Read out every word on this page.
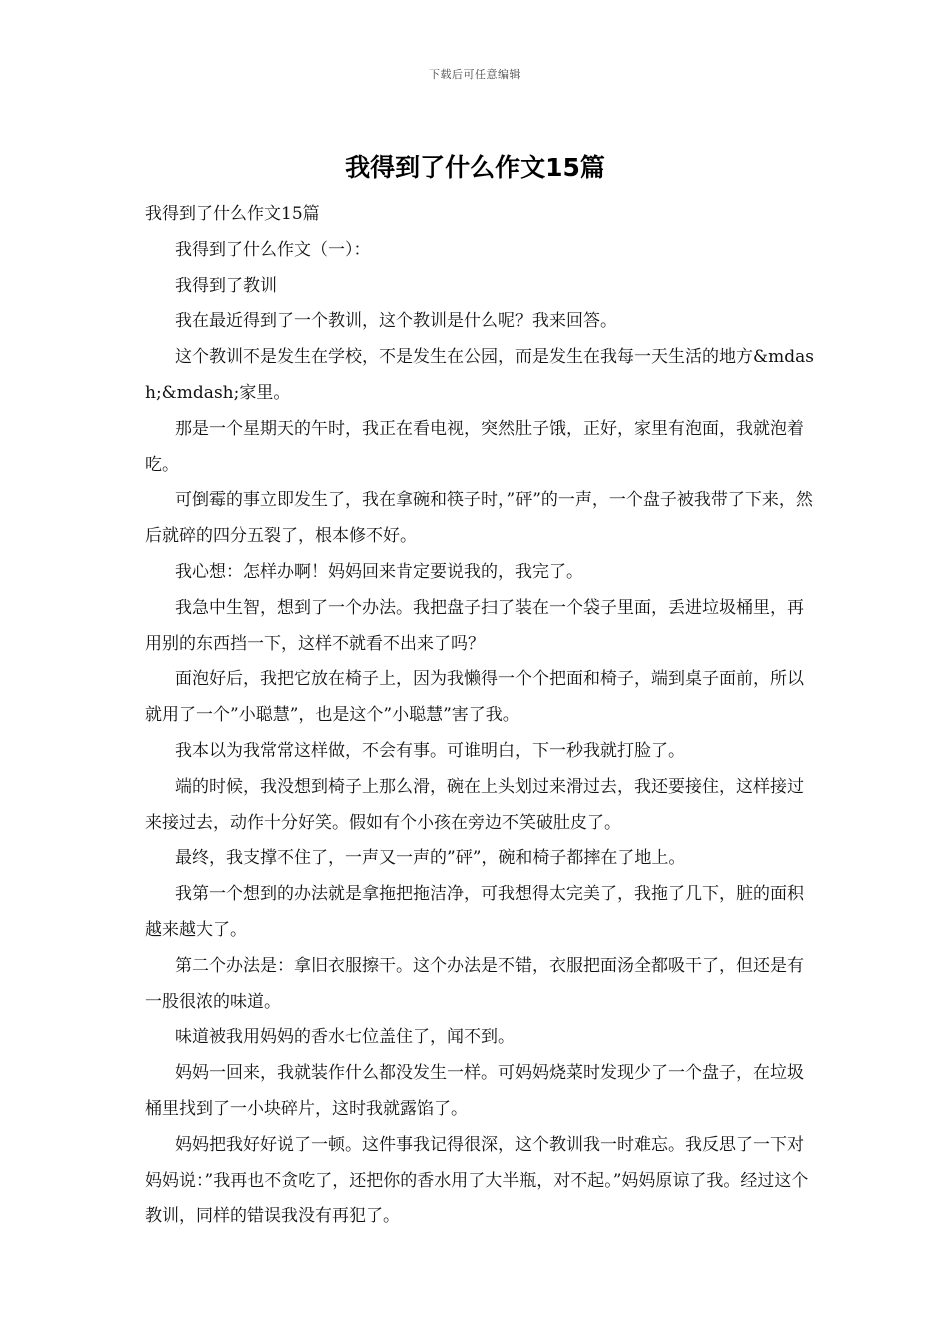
下载后可任意编辑
我得到了什么作文15篇

我得到了什么作文15篇

我得到了什么作文（一）：

我得到了教训

我在最近得到了一个教训，这个教训是什么呢？我来回答。

这个教训不是发生在学校，不是发生在公园，而是发生在我每一天生活的地方&mdash;&mdash;家里。

那是一个星期天的午时，我正在看电视，突然肚子饿，正好，家里有泡面，我就泡着吃。

可倒霉的事立即发生了，我在拿碗和筷子时，”砰”的一声，一个盘子被我带了下来，然后就碎的四分五裂了，根本修不好。

我心想：怎样办啊！妈妈回来肯定要说我的，我完了。

我急中生智，想到了一个办法。我把盘子扫了装在一个袋子里面，丢进垃圾桶里，再用别的东西挡一下，这样不就看不出来了吗？

面泡好后，我把它放在椅子上，因为我懒得一个个把面和椅子，端到桌子面前，所以就用了一个”小聪慧”，也是这个”小聪慧”害了我。

我本以为我常常这样做，不会有事。可谁明白，下一秒我就打脸了。

端的时候，我没想到椅子上那么滑，碗在上头划过来滑过去，我还要接住，这样接过来接过去，动作十分好笑。假如有个小孩在旁边不笑破肚皮了。

最终，我支撑不住了，一声又一声的”砰”，碗和椅子都摔在了地上。

我第一个想到的办法就是拿拖把拖洁净，可我想得太完美了，我拖了几下，脏的面积越来越大了。

第二个办法是：拿旧衣服擦干。这个办法是不错，衣服把面汤全都吸干了，但还是有一股很浓的味道。

味道被我用妈妈的香水七位盖住了，闻不到。

妈妈一回来，我就装作什么都没发生一样。可妈妈烧菜时发现少了一个盘子，在垃圾桶里找到了一小块碎片，这时我就露馅了。

妈妈把我好好说了一顿。这件事我记得很深，这个教训我一时难忘。我反思了一下对妈妈说：”我再也不贪吃了，还把你的香水用了大半瓶，对不起。”妈妈原谅了我。经过这个教训，同样的错误我没有再犯了。
